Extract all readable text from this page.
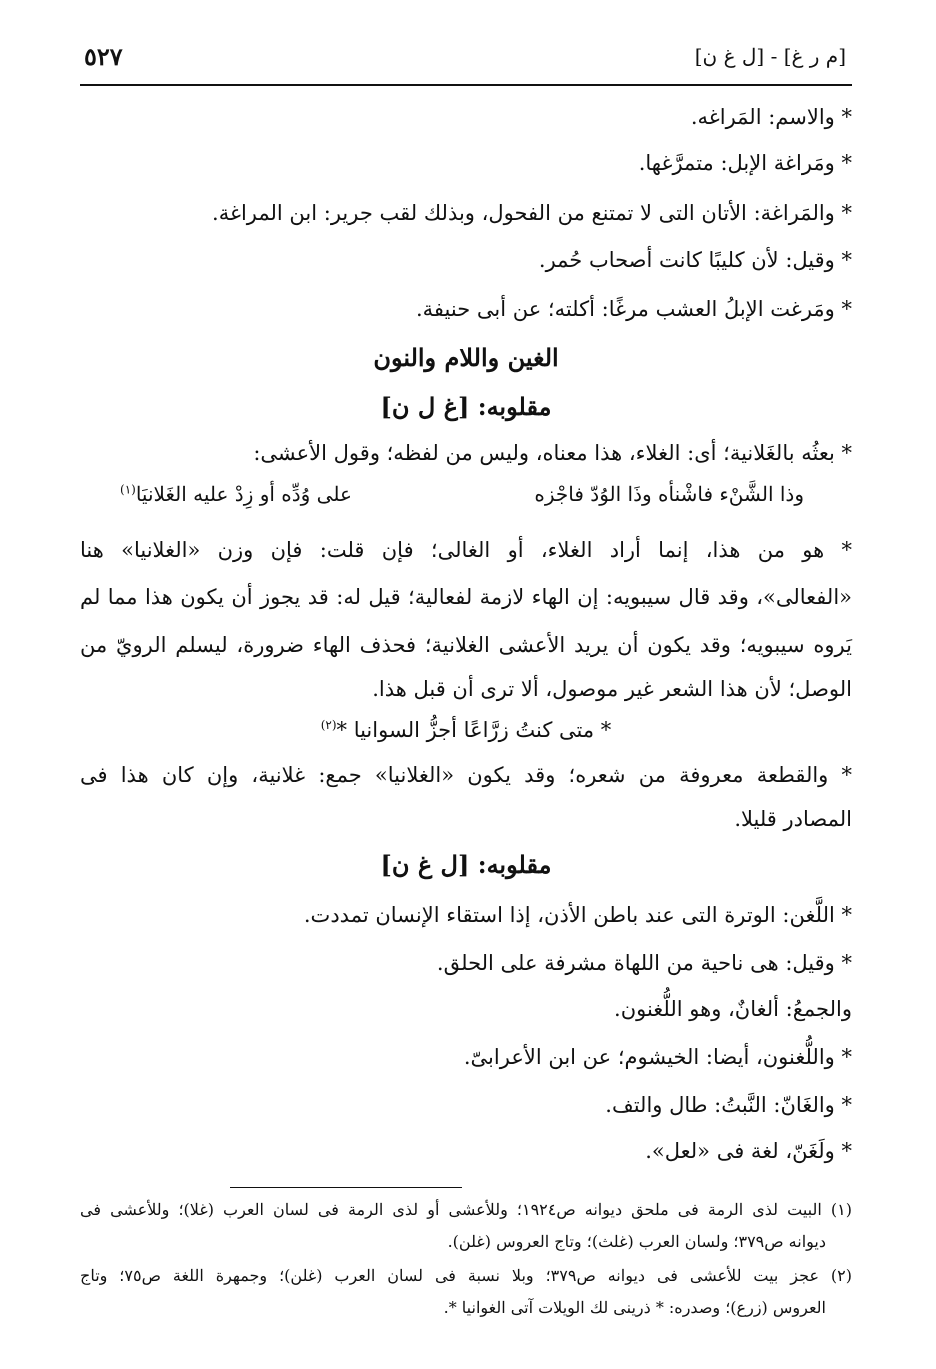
[م ر غ] - [ل غ ن]
٥٢٧
* والاسم: المَراغه.
* ومَراغة الإبل: متمرَّغها.
* والمَراغة: الأتان التى لا تمتنع من الفحول، وبذلك لقب جرير: ابن المراغة.
* وقيل: لأن كليبًا كانت أصحاب حُمر.
* ومَرغت الإبلُ العشب مرغًا: أكلته؛ عن أبى حنيفة.
الغين واللام والنون
مقلوبه: [غ ل ن]
* بعثُه بالغَلانية؛ أى: الغلاء، هذا معناه، وليس من لفظه؛ وقول الأعشى:
وذا الشَّنْء فاشْنأه وذَا الوُدّ فاجْزه
على وُدِّه أو زِدْ عليه الغَلانيَا$^{(١)}$
* هو من هذا، إنما أراد الغلاء، أو الغالى؛ فإن قلت: فإن وزن «الغلانيا» هنا
«الفعالى»، وقد قال سيبويه: إن الهاء لازمة لفعالية؛ قيل له: قد يجوز أن يكون هذا مما لم
يَروه سيبويه؛ وقد يكون أن يريد الأعشى الغلانية؛ فحذف الهاء ضرورة، ليسلم الرويّ من
الوصل؛ لأن هذا الشعر غير موصول، ألا ترى أن قبل هذا.
* متى كنتُ زرَّاعًا أجزُّ السوانيا *$^{(٢)}$
* والقطعة معروفة من شعره؛ وقد يكون «الغلانيا» جمع: غلانية، وإن كان هذا فى
المصادر قليلا.
مقلوبه: [ل غ ن]
* اللَّغن: الوترة التى عند باطن الأذن، إذا استقاء الإنسان تمددت.
* وقيل: هى ناحية من اللهاة مشرفة على الحلق.
والجمعُ: ألغانٌ، وهو اللُّغنون.
* واللُّغنون، أيضا: الخيشوم؛ عن ابن الأعرابىّ.
* والغَانّ: النَّبتُ: طال والتف.
* ولَغَنّ، لغة فى «لعل».
(١) البيت لذى الرمة فى ملحق ديوانه ص١٩٢٤؛ وللأعشى أو لذى الرمة فى لسان العرب (غلا)؛ وللأعشى فى
ديوانه ص٣٧٩؛ ولسان العرب (غلث)؛ وتاج العروس (غلن).
(٢) عجز بيت للأعشى فى ديوانه ص٣٧٩؛ وبلا نسبة فى لسان العرب (غلن)؛ وجمهرة اللغة ص٧٥؛ وتاج
العروس (زرع)؛ وصدره: * ذرينى لك الويلات آتى الغوانيا *.
